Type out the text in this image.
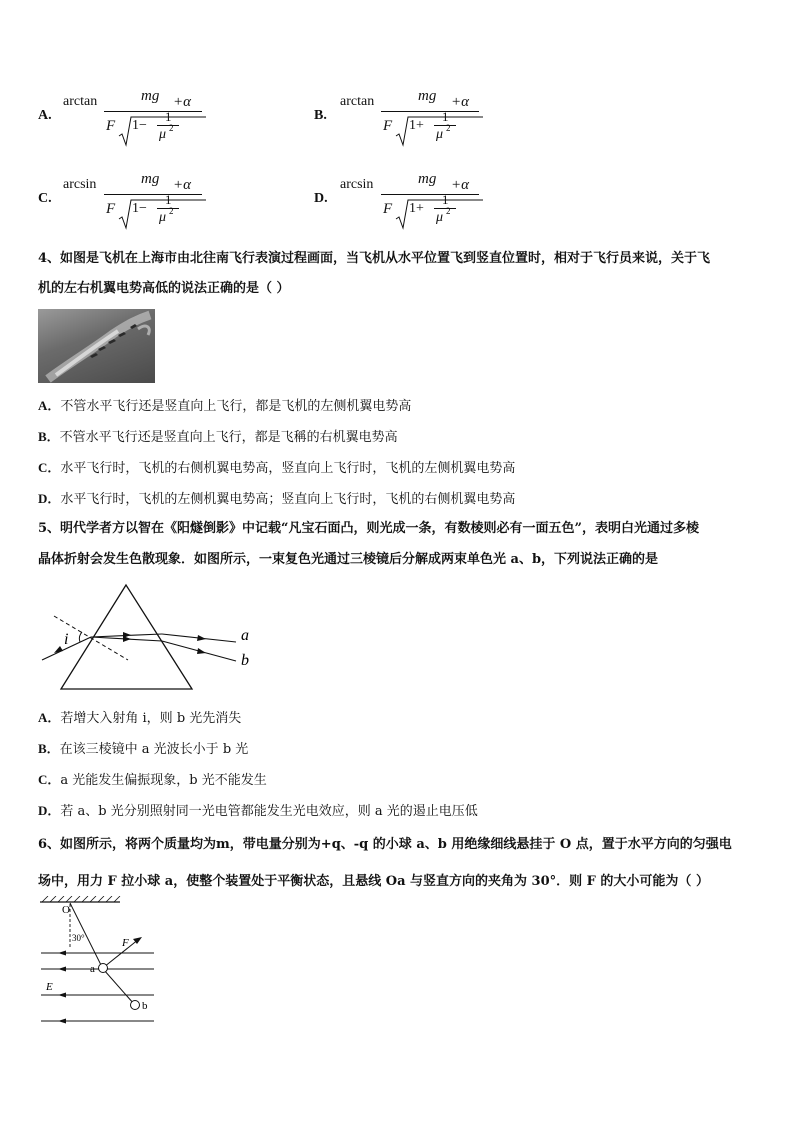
A.
arctan	mg
F 1−
1
μ 2
+α
B.
arctan	mg
F 1+
1
μ 2
+α
C.
arcsin	mg
F 1−
1
μ 2
+α
D.
arcsin	mg
F 1+
1
μ 2
+α
4、如图是飞机在上海市由北往南飞行表演过程画面，当飞机从水平位置飞到竖直位置时，相对于飞行员来说，关于飞
机的左右机翼电势高低的说法正确的是（ ）
A．不管水平飞行还是竖直向上飞行，都是飞机的左侧机翼电势高
B．不管水平飞行还是竖直向上飞行，都是飞稱的右机翼电势高
C．水平飞行时，飞机的右侧机翼电势高，竖直向上飞行时，飞机的左侧机翼电势高
D．水平飞行时，飞机的左侧机翼电势高；竖直向上飞行时，飞机的右侧机翼电势高
5、明代学者方以智在《阳燧倒影》中记载“凡宝石面凸，则光成一条，有数棱则必有一面五色”，表明白光通过多棱
晶体折射会发生色散现象．如图所示，一束复色光通过三棱镜后分解成两束单色光 a、b，下列说法正确的是
i	a
b
A．若增大入射角 i，则 b 光先消失
B．在该三棱镜中 a 光波长小于 b 光
C．a 光能发生偏振现象，b 光不能发生
D．若 a、b 光分别照射同一光电管都能发生光电效应，则 a 光的遏止电压低
6、如图所示，将两个质量均为m，带电量分别为+q、-q 的小球 a、b 用绝缘细线悬挂于 O 点，置于水平方向的匀强电
场中，用力 F 拉小球 a，使整个装置处于平衡状态，且悬线 Oa 与竖直方向的夹角为 30°．则 F 的大小可能为（ ）
O
30°	F
a
E
b
